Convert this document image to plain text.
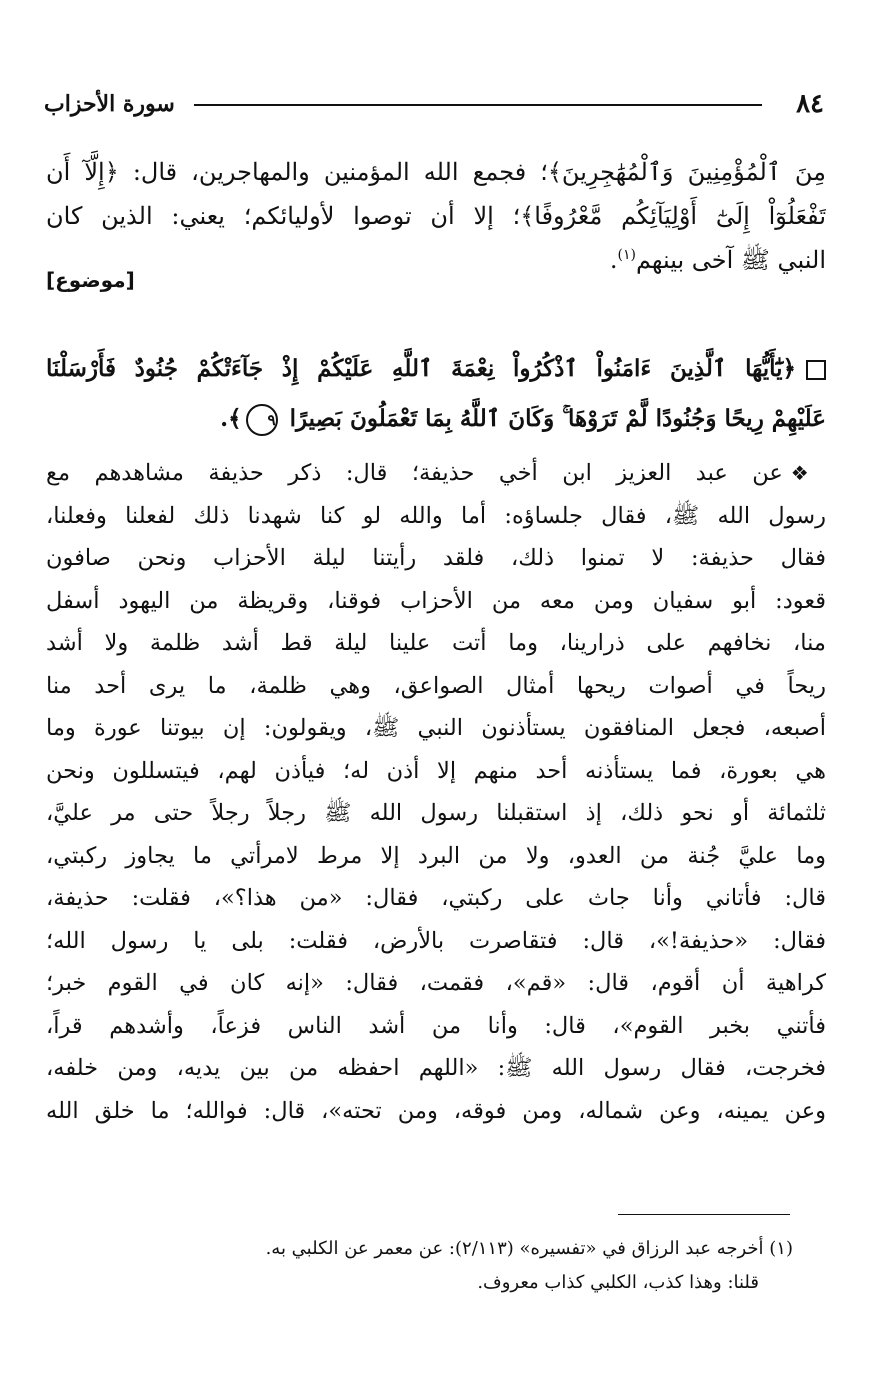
٨٤
سورة الأحزاب
مِنَ ٱلْمُؤْمِنِينَ وَٱلْمُهَٰجِرِينَ﴾؛ فجمع الله المؤمنين والمهاجرين، قال: ﴿إِلَّآ أَن
تَفْعَلُوٓاْ إِلَىٰٓ أَوْلِيَآئِكُم مَّعْرُوفًا﴾؛ إلا أن توصوا لأوليائكم؛ يعني: الذين كان
النبي ﷺ آخى بينهم$^{(١)}$.
[موضوع]
﴿يَٰٓأَيُّهَا ٱلَّذِينَ ءَامَنُواْ ٱذْكُرُواْ نِعْمَةَ ٱللَّهِ عَلَيْكُمْ إِذْ جَآءَتْكُمْ جُنُودٌ فَأَرْسَلْنَا
عَلَيْهِمْ رِيحًا وَجُنُودًا لَّمْ تَرَوْهَا ۚ وَكَانَ ٱللَّهُ بِمَا تَعْمَلُونَ بَصِيرًا ٩﴾.
❖عن عبد العزيز ابن أخي حذيفة؛ قال: ذكر حذيفة مشاهدهم مع
رسول الله ﷺ، فقال جلساؤه: أما والله لو كنا شهدنا ذلك لفعلنا وفعلنا،
فقال حذيفة: لا تمنوا ذلك، فلقد رأيتنا ليلة الأحزاب ونحن صافون
قعود: أبو سفيان ومن معه من الأحزاب فوقنا، وقريظة من اليهود أسفل
منا، نخافهم على ذرارينا، وما أتت علينا ليلة قط أشد ظلمة ولا أشد
ريحاً في أصوات ريحها أمثال الصواعق، وهي ظلمة، ما يرى أحد منا
أصبعه، فجعل المنافقون يستأذنون النبي ﷺ، ويقولون: إن بيوتنا عورة وما
هي بعورة، فما يستأذنه أحد منهم إلا أذن له؛ فيأذن لهم، فيتسللون ونحن
ثلثمائة أو نحو ذلك، إذ استقبلنا رسول الله ﷺ رجلاً رجلاً حتى مر عليَّ،
وما عليَّ جُنة من العدو، ولا من البرد إلا مرط لامرأتي ما يجاوز ركبتي،
قال: فأتاني وأنا جاث على ركبتي، فقال: «من هذا؟»، فقلت: حذيفة،
فقال: «حذيفة!»، قال: فتقاصرت بالأرض، فقلت: بلى يا رسول الله؛
كراهية أن أقوم، قال: «قم»، فقمت، فقال: «إنه كان في القوم خبر؛
فأتني بخبر القوم»، قال: وأنا من أشد الناس فزعاً، وأشدهم قراً،
فخرجت، فقال رسول الله ﷺ: «اللهم احفظه من بين يديه، ومن خلفه،
وعن يمينه، وعن شماله، ومن فوقه، ومن تحته»، قال: فوالله؛ ما خلق الله
(١) أخرجه عبد الرزاق في «تفسيره» (٢/١١٣): عن معمر عن الكلبي به.
قلنا: وهذا كذب، الكلبي كذاب معروف.
